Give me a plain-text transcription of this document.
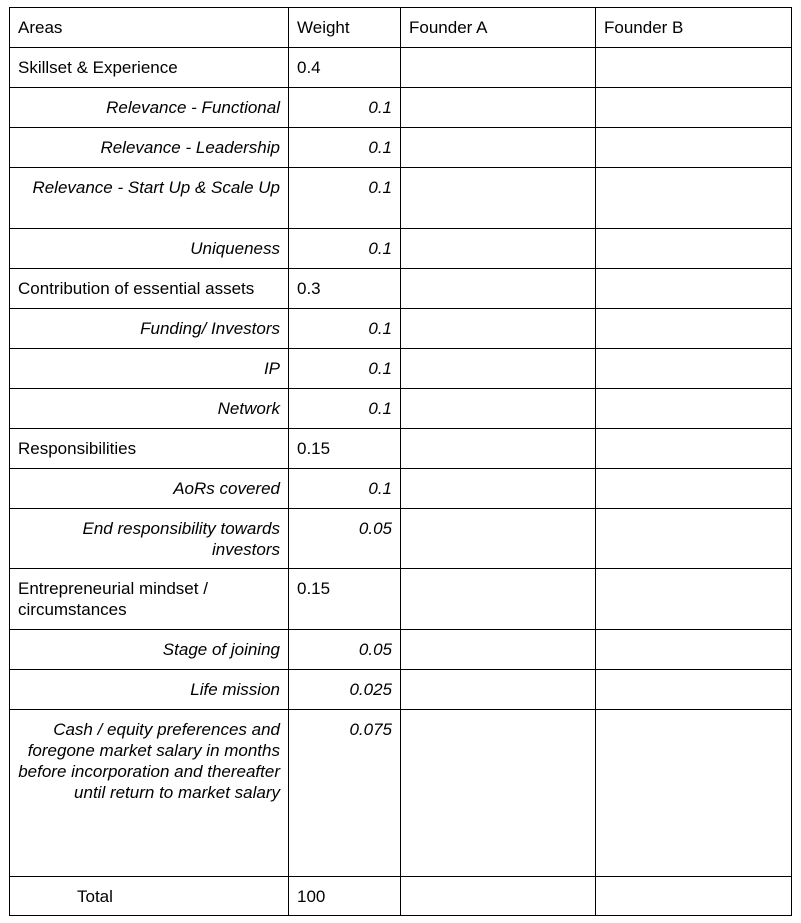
Areas	Weight	Founder A	Founder B
Skillset & Experience	0.4		
Relevance - Functional	0.1		
Relevance - Leadership	0.1		
Relevance - Start Up & Scale Up	0.1		
Uniqueness	0.1		
Contribution of essential assets	0.3		
Funding/ Investors	0.1		
IP	0.1		
Network	0.1		
Responsibilities	0.15		
AoRs covered	0.1		
End responsibility towards investors	0.05		
Entrepreneurial mindset / circumstances	0.15		
Stage of joining	0.05		
Life mission	0.025		
Cash / equity preferences and foregone market salary in months before incorporation and thereafter until return to market salary	0.075		
Total	100		
